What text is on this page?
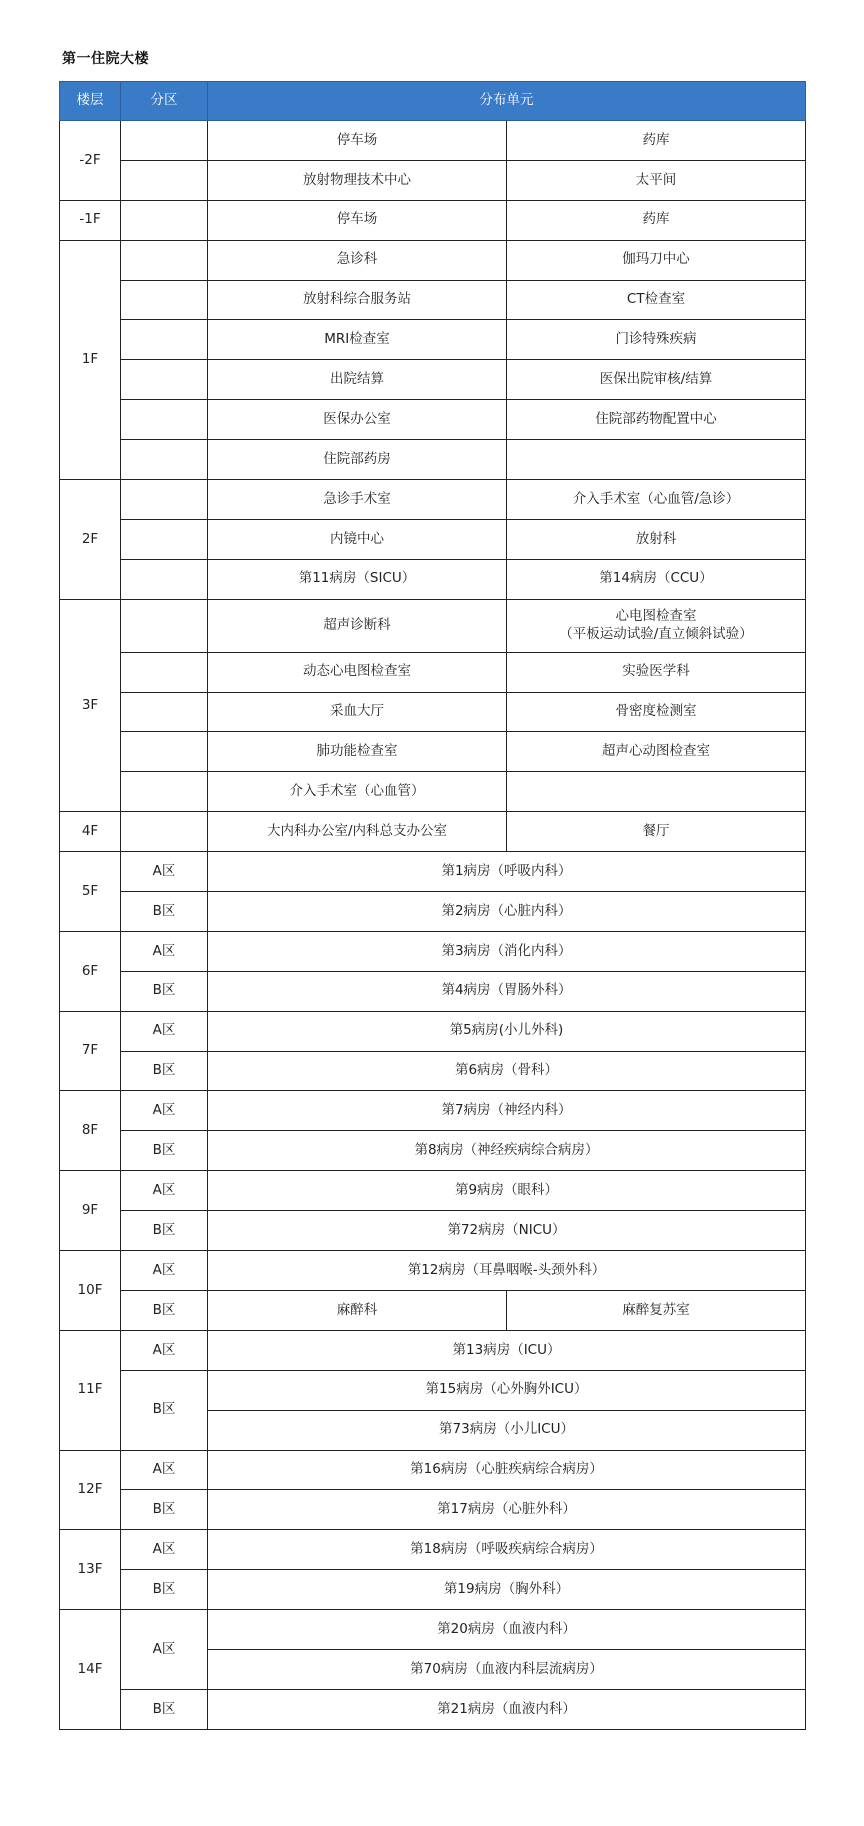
第一住院大楼
楼层	分区	分布单元	
-2F		停车场	药库
		放射物理技术中心	太平间
-1F		停车场	药库
1F		急诊科	伽玛刀中心
		放射科综合服务站	CT检查室
		MRI检查室	门诊特殊疾病
		出院结算	医保出院审核/结算
		医保办公室	住院部药物配置中心
		住院部药房	
2F		急诊手术室	介入手术室（心血管/急诊）
		内镜中心	放射科
		第11病房（SICU）	第14病房（CCU）
3F		超声诊断科	心电图检查室
（平板运动试验/直立倾斜试验）
		动态心电图检查室	实验医学科
		采血大厅	骨密度检测室
		肺功能检查室	超声心动图检查室
		介入手术室（心血管）	
4F		大内科办公室/内科总支办公室	餐厅
5F	A区	第1病房（呼吸内科）	
	B区	第2病房（心脏内科）	
6F	A区	第3病房（消化内科）	
	B区	第4病房（胃肠外科）	
7F	A区	第5病房(小儿外科)	
	B区	第6病房（骨科）	
8F	A区	第7病房（神经内科）	
	B区	第8病房（神经疾病综合病房）	
9F	A区	第9病房（眼科）	
	B区	第72病房（NICU）	
10F	A区	第12病房（耳鼻咽喉-头颈外科）	
	B区	麻醉科	麻醉复苏室
11F	A区	第13病房（ICU）	
	B区	第15病房（心外胸外ICU）	
		第73病房（小儿ICU）	
12F	A区	第16病房（心脏疾病综合病房）	
	B区	第17病房（心脏外科）	
13F	A区	第18病房（呼吸疾病综合病房）	
	B区	第19病房（胸外科）	
14F	A区	第20病房（血液内科）	
		第70病房（血液内科层流病房）	
	B区	第21病房（血液内科）	
